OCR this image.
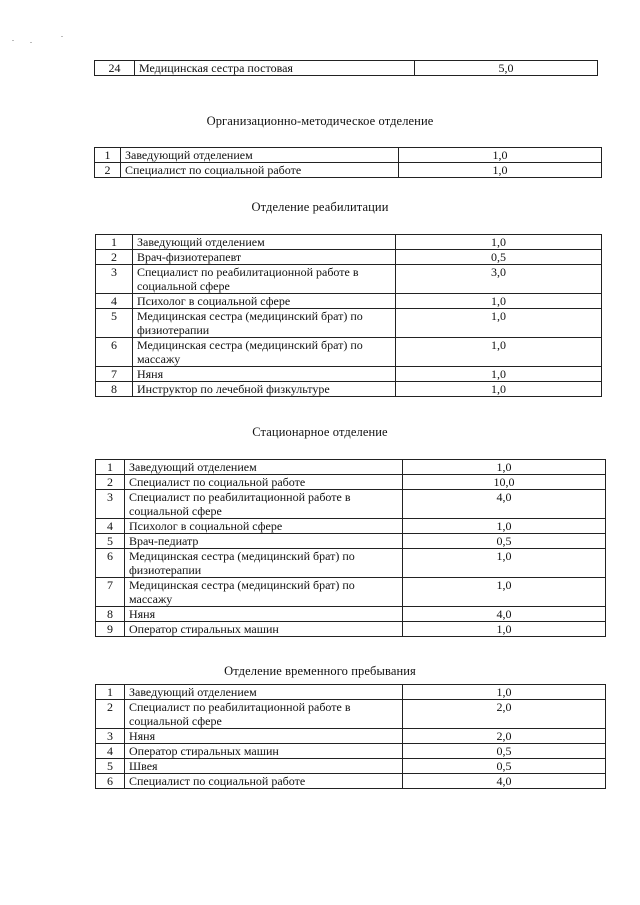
24	Медицинская сестра постовая	5,0
Организационно-методическое отделение
1	Заведующий отделением	1,0
2	Специалист по социальной работе	1,0
Отделение реабилитации
1	Заведующий отделением	1,0
2	Врач-физиотерапевт	0,5
3	Специалист по реабилитационной работе в социальной сфере	3,0
4	Психолог в социальной сфере	1,0
5	Медицинская сестра (медицинский брат) по физиотерапии	1,0
6	Медицинская сестра (медицинский брат) по массажу	1,0
7	Няня	1,0
8	Инструктор по лечебной физкультуре	1,0
Стационарное отделение
1	Заведующий отделением	1,0
2	Специалист по социальной работе	10,0
3	Специалист по реабилитационной работе в социальной сфере	4,0
4	Психолог в социальной сфере	1,0
5	Врач-педиатр	0,5
6	Медицинская сестра (медицинский брат) по физиотерапии	1,0
7	Медицинская сестра (медицинский брат) по массажу	1,0
8	Няня	4,0
9	Оператор стиральных машин	1,0
Отделение временного пребывания
1	Заведующий отделением	1,0
2	Специалист по реабилитационной работе в социальной сфере	2,0
3	Няня	2,0
4	Оператор стиральных машин	0,5
5	Швея	0,5
6	Специалист по социальной работе	4,0
